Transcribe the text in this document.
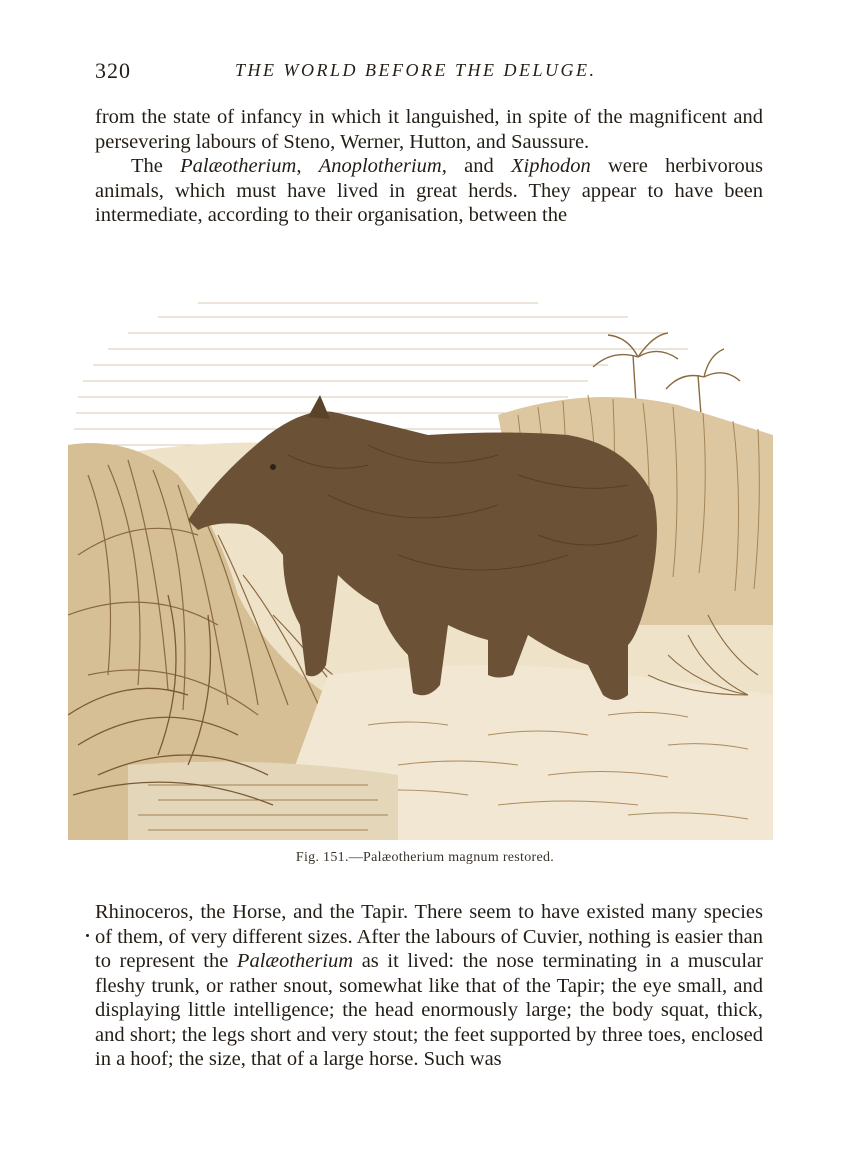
320	THE WORLD BEFORE THE DELUGE.

from the state of infancy in which it languished, in spite of the magnificent and persevering labours of Steno, Werner, Hutton, and Saussure.

The Palæotherium, Anoplotherium, and Xiphodon were herbivorous animals, which must have lived in great herds. They appear to have been intermediate, according to their organisation, between the

Fig. 151.—Palæotherium magnum restored.

Rhinoceros, the Horse, and the Tapir. There seem to have existed many species of them, of very different sizes. After the labours of Cuvier, nothing is easier than to represent the Palæotherium as it lived: the nose terminating in a muscular fleshy trunk, or rather snout, somewhat like that of the Tapir; the eye small, and displaying little intelligence; the head enormously large; the body squat, thick, and short; the legs short and very stout; the feet supported by three toes, enclosed in a hoof; the size, that of a large horse. Such was
